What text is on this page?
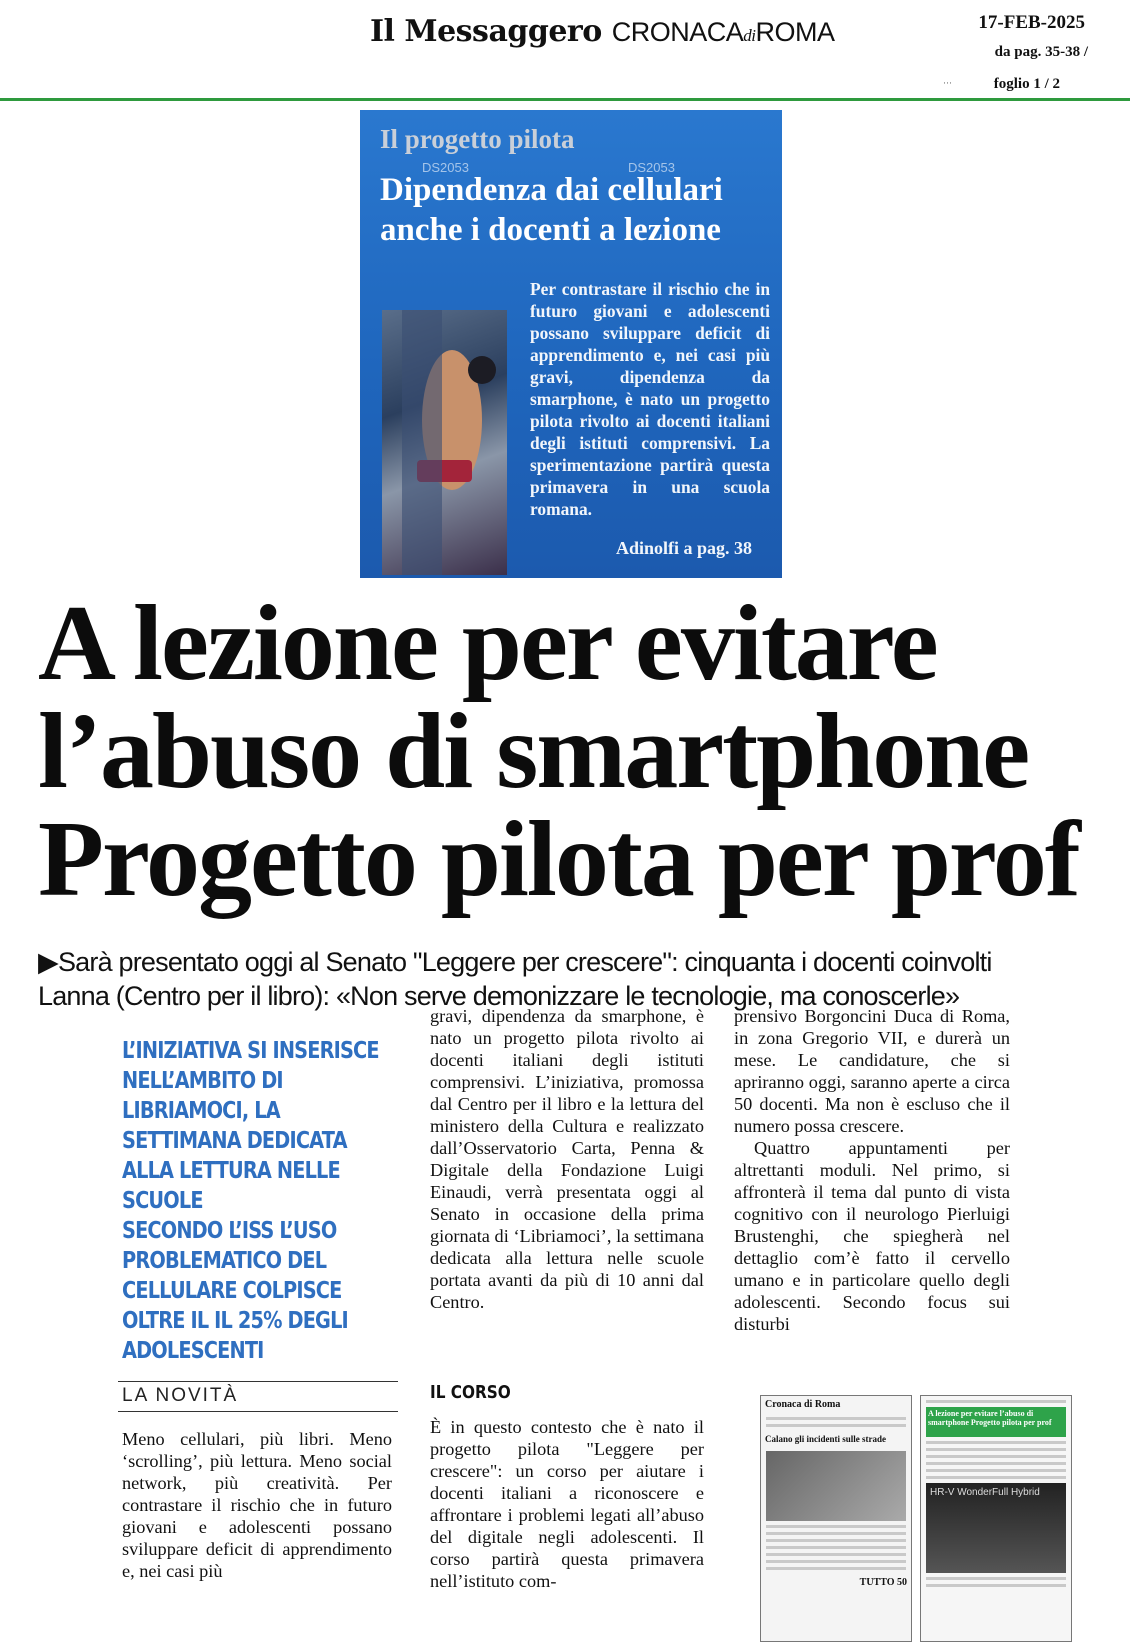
Il Messaggero CRONACAdiROMA	17-FEB-2025
da pag. 35-38 /
···	foglio 1 / 2
Il progetto pilota
Dipendenza dai cellulari
anche i docenti a lezione
DS2053	DS2053
Per contrastare il rischio che in futuro giovani e adolescenti possano sviluppare deficit di apprendimento e, nei casi più gravi, dipendenza da smarphone, è nato un progetto pilota rivolto ai docenti italiani degli istituti comprensivi. La sperimentazione partirà questa primavera in una scuola romana.
Adinolfi a pag. 38
A lezione per evitare
l’abuso di smartphone
Progetto pilota per prof
▶Sarà presentato oggi al Senato "Leggere per crescere": cinquanta i docenti coinvolti
Lanna (Centro per il libro): «Non serve demonizzare le tecnologie, ma conoscerle»
L’INIZIATIVA SI INSERISCE NELL’AMBITO DI LIBRIAMOCI, LA SETTIMANA DEDICATA ALLA LETTURA NELLE SCUOLE
SECONDO L’ISS L’USO PROBLEMATICO DEL CELLULARE COLPISCE OLTRE IL IL 25% DEGLI ADOLESCENTI
LA NOVITÀ
Meno cellulari, più libri. Meno ‘scrolling’, più lettura. Meno social network, più creatività. Per contrastare il rischio che in futuro giovani e adolescenti possano sviluppare deficit di apprendimento e, nei casi più
gravi, dipendenza da smarphone, è nato un progetto pilota rivolto ai docenti italiani degli istituti comprensivi. L’iniziativa, promossa dal Centro per il libro e la lettura del ministero della Cultura e realizzato dall’Osservatorio Carta, Penna & Digitale della Fondazione Luigi Einaudi, verrà presentata oggi al Senato in occasione della prima giornata di ‘Libriamoci’, la settimana dedicata alla lettura nelle scuole portata avanti da più di 10 anni dal Centro.
IL CORSO
È in questo contesto che è nato il progetto pilota "Leggere per crescere": un corso per aiutare i docenti italiani a riconoscere e affrontare i problemi legati all’abuso del digitale negli adolescenti. Il corso partirà questa primavera nell’istituto com-

prensivo Borgoncini Duca di Roma, in zona Gregorio VII, e durerà un mese. Le candidature, che si apriranno oggi, saranno aperte a circa 50 docenti. Ma non è escluso che il numero possa crescere.

Quattro appuntamenti per altrettanti moduli. Nel primo, si affronterà il tema dal punto di vista cognitivo con il neurologo Pierluigi Brustenghi, che spiegherà nel dettaglio com’è fatto il cervello umano e in particolare quello degli adolescenti. Secondo focus sui disturbi

Cronaca di Roma
Calano gli incidenti sulle strade
TUTTO 50
A lezione per evitare l’abuso di smartphone Progetto pilota per prof
HR-V WonderFull Hybrid
